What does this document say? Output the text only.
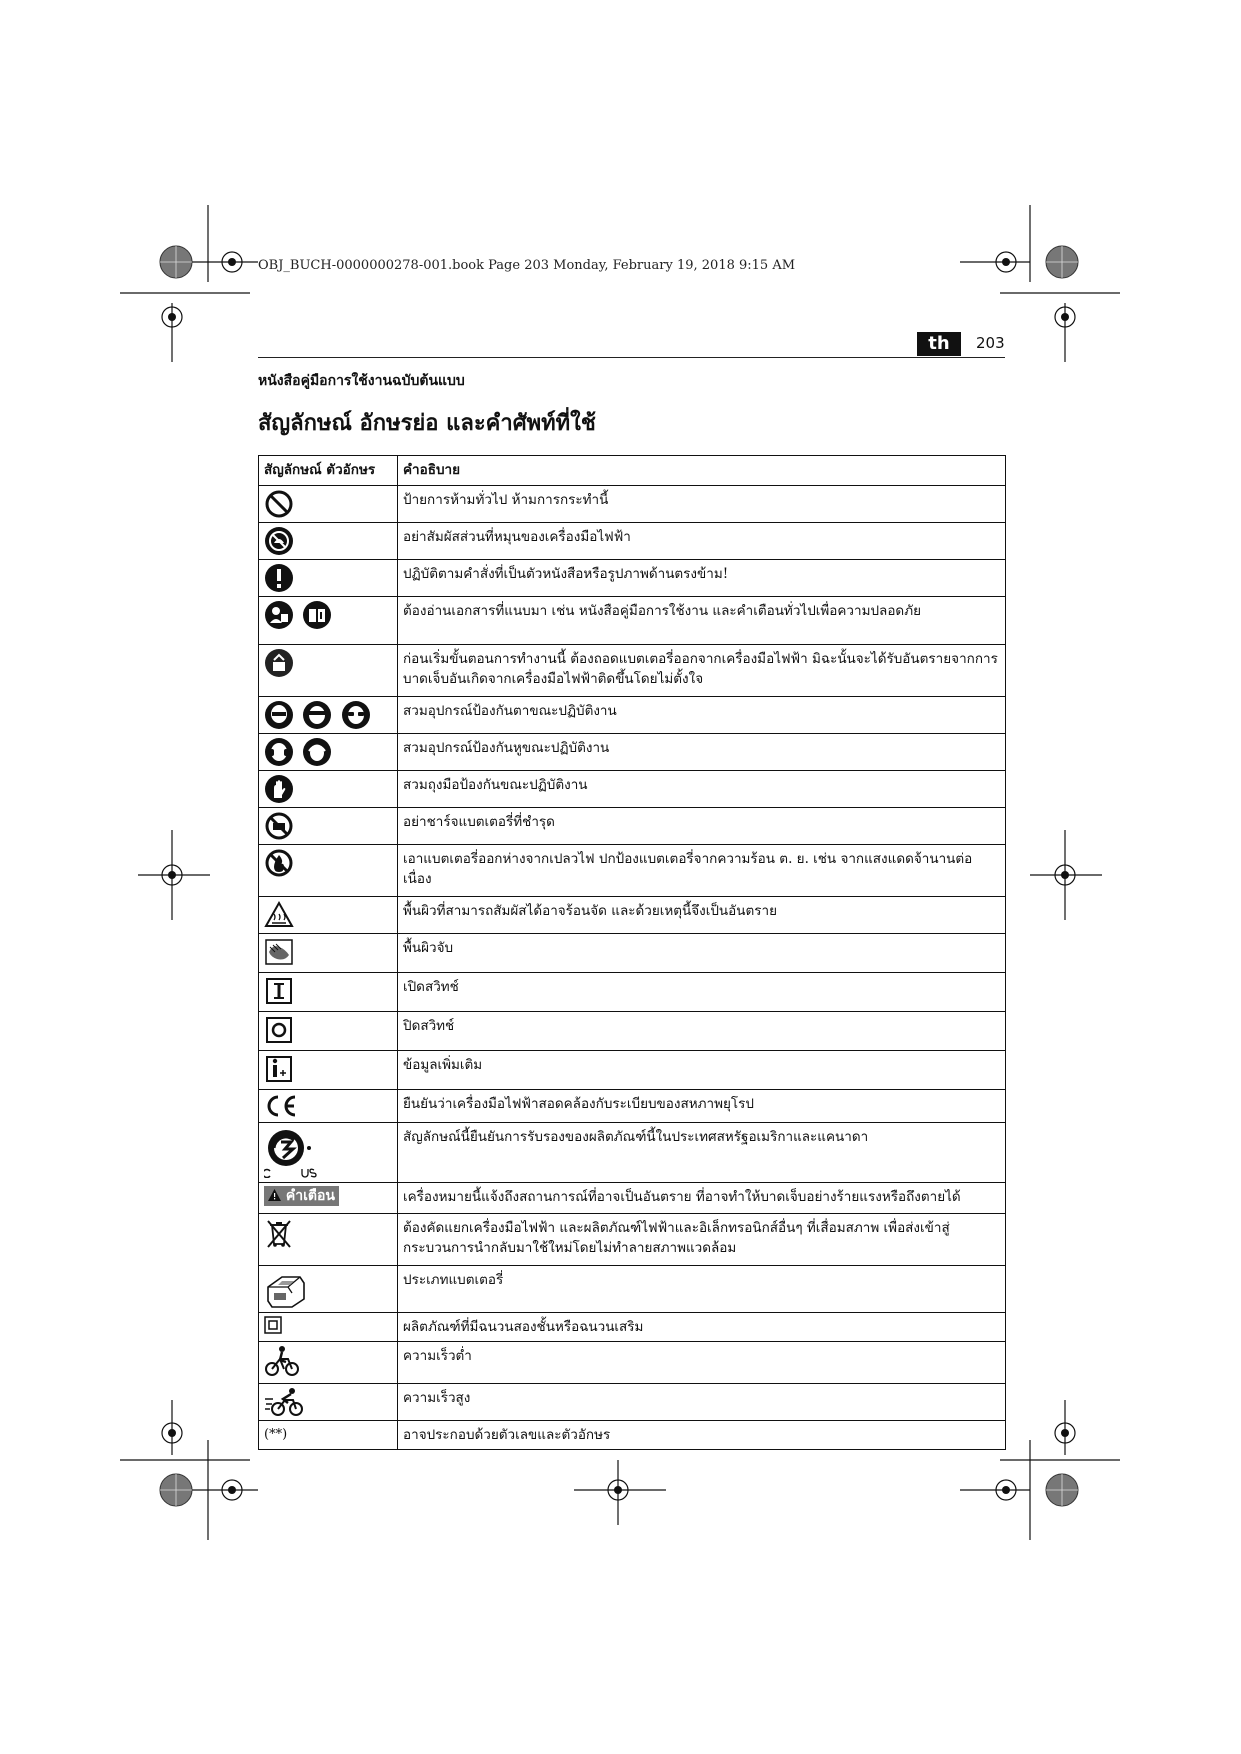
OBJ_BUCH-0000000278-001.book Page 203 Monday, February 19, 2018 9:15 AM
th	203
หนังสือคู่มือการใช้งานฉบับต้นแบบ
สัญลักษณ์ อักษรย่อ และคำศัพท์ที่ใช้
สัญลักษณ์ ตัวอักษร	คำอธิบาย

	ป้ายการห้ามทั่วไป ห้ามการกระทำนี้

	อย่าสัมผัสส่วนที่หมุนของเครื่องมือไฟฟ้า

	ปฏิบัติตามคำสั่งที่เป็นตัวหนังสือหรือรูปภาพด้านตรงข้าม!

	ต้องอ่านเอกสารที่แนบมา เช่น หนังสือคู่มือการใช้งาน และคำเตือนทั่วไปเพื่อความปลอดภัย

	ก่อนเริ่มขั้นตอนการทำงานนี้ ต้องถอดแบตเตอรี่ออกจากเครื่องมือไฟฟ้า มิฉะนั้นจะได้รับอันตรายจากการบาดเจ็บอันเกิดจากเครื่องมือไฟฟ้าติดขึ้นโดยไม่ตั้งใจ

	สวมอุปกรณ์ป้องกันตาขณะปฏิบัติงาน

	สวมอุปกรณ์ป้องกันหูขณะปฏิบัติงาน

	สวมถุงมือป้องกันขณะปฏิบัติงาน

	อย่าชาร์จแบตเตอรี่ที่ชำรุด

	เอาแบตเตอรี่ออกห่างจากเปลวไฟ ปกป้องแบตเตอรี่จากความร้อน ต. ย. เช่น จากแสงแดดจ้านานต่อเนื่อง

	พื้นผิวที่สามารถสัมผัสได้อาจร้อนจัด และด้วยเหตุนี้จึงเป็นอันตราย

	พื้นผิวจับ

	เปิดสวิทช์

	ปิดสวิทช์

	ข้อมูลเพิ่มเติม

	ยืนยันว่าเครื่องมือไฟฟ้าสอดคล้องกับระเบียบของสหภาพยุโรป

	สัญลักษณ์นี้ยืนยันการรับรองของผลิตภัณฑ์นี้ในประเทศสหรัฐอเมริกาและแคนาดา
คำเตือน	เครื่องหมายนี้แจ้งถึงสถานการณ์ที่อาจเป็นอันตราย ที่อาจทำให้บาดเจ็บอย่างร้ายแรงหรือถึงตายได้

	ต้องคัดแยกเครื่องมือไฟฟ้า และผลิตภัณฑ์ไฟฟ้าและอิเล็กทรอนิกส์อื่นๆ ที่เสื่อมสภาพ เพื่อส่งเข้าสู่กระบวนการนำกลับมาใช้ใหม่โดยไม่ทำลายสภาพแวดล้อม

	ประเภทแบตเตอรี่

	ผลิตภัณฑ์ที่มีฉนวนสองชั้นหรือฉนวนเสริม

	ความเร็วต่ำ

	ความเร็วสูง
(**)	อาจประกอบด้วยตัวเลขและตัวอักษร
